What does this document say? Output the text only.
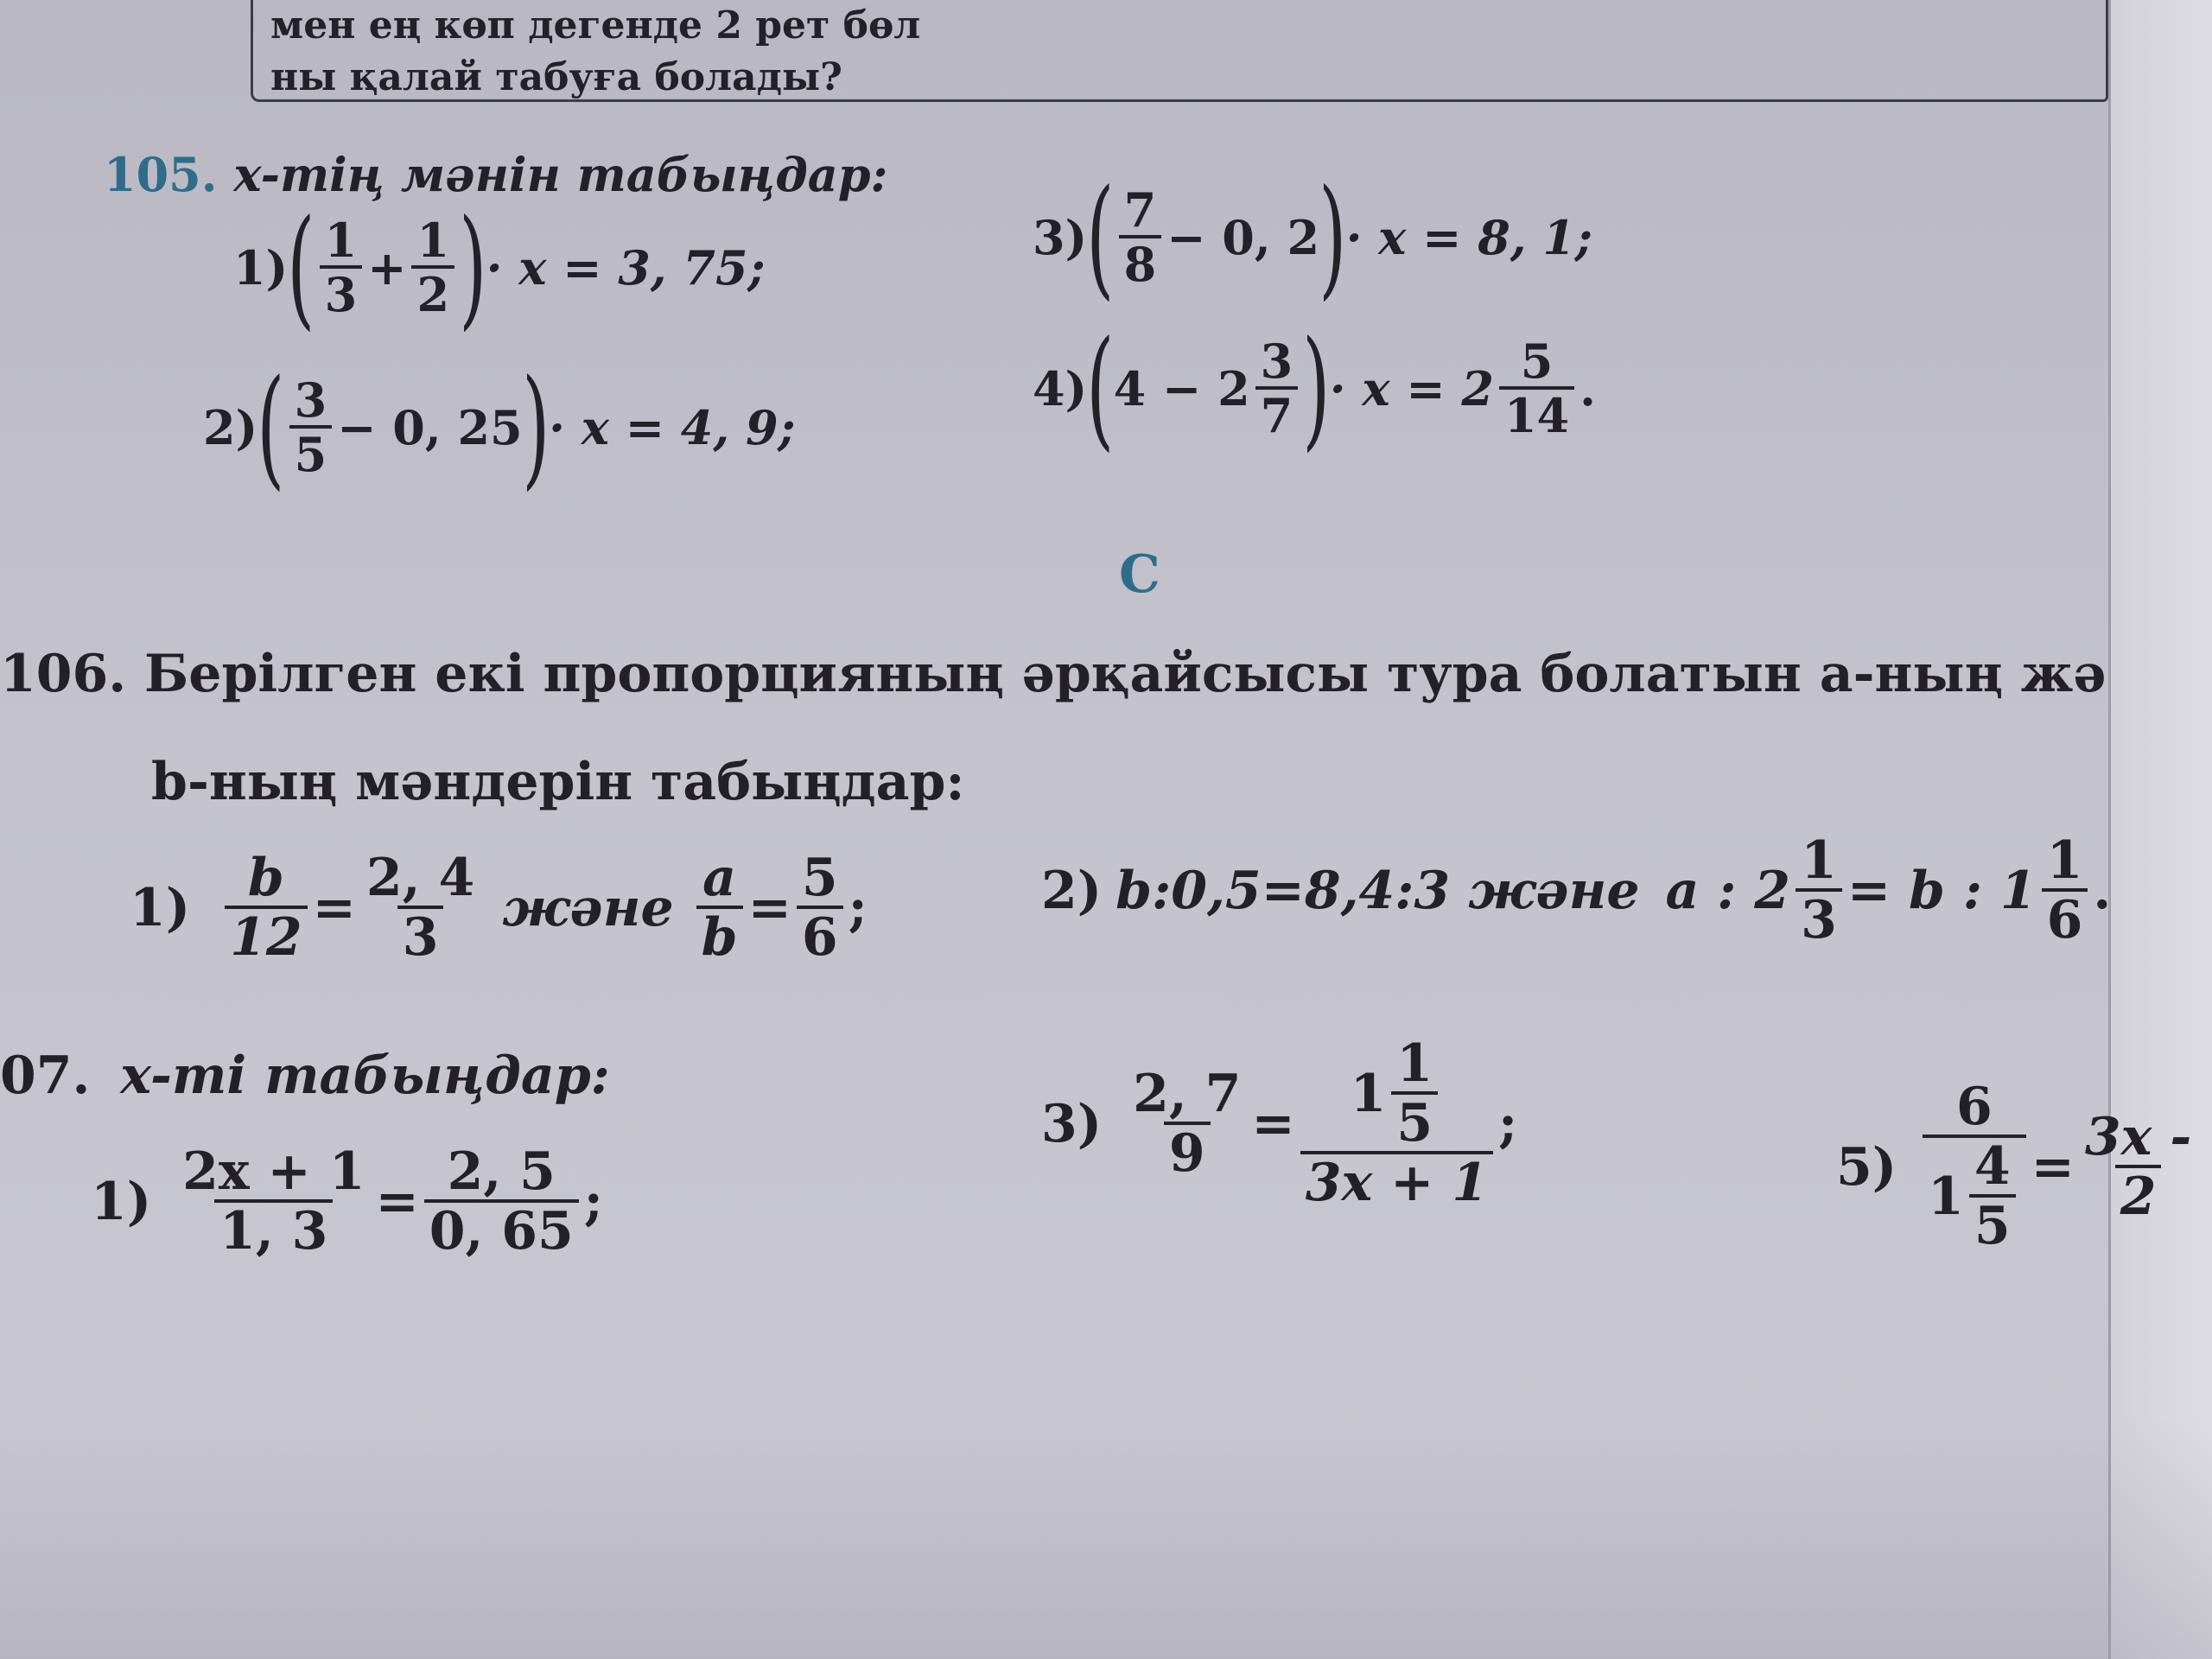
мен ең көп дегенде 2 рет бөл
ны қалай табуға болады?
105. x-тің мәнін табыңдар:
1) ( $\frac{1}{3} + \frac{1}{2}$ ) · x = 3, 75;
2) ( $\frac{3}{5} - 0$, 25 ) · x = 4, 9;
3) ( $\frac{7}{8} - 0$, 2 ) · x = 8, 1;
4) ( $4 - 2 \frac{3}{7}$ ) · $x = 2 \frac{5}{14}$ .
C
106. Берілген екі пропорцияның әрқайсысы тура болатын a-ның жә
b-ның мәндерін табыңдар:
$1) \frac{b}{12} = \frac{2, 4}{3}$ және $\frac{a}{b} = \frac{5}{6}$ ;	2) b:0,5=8,4:3 және a : $2 \frac{1}{3} = b$ : $1 \frac{1}{6}$ .
07. x-ті табыңдар:
$1) \frac{2x + 1}{1, 3} = \frac{2, 5}{0, 65}$ ;
$3) \frac{2, 7}{9} = \frac{1 \frac{1}{5}}{3x + 1}$ ;
$5) \frac{6}{1 \frac{4}{5}} = \frac{3x -}{2}$
